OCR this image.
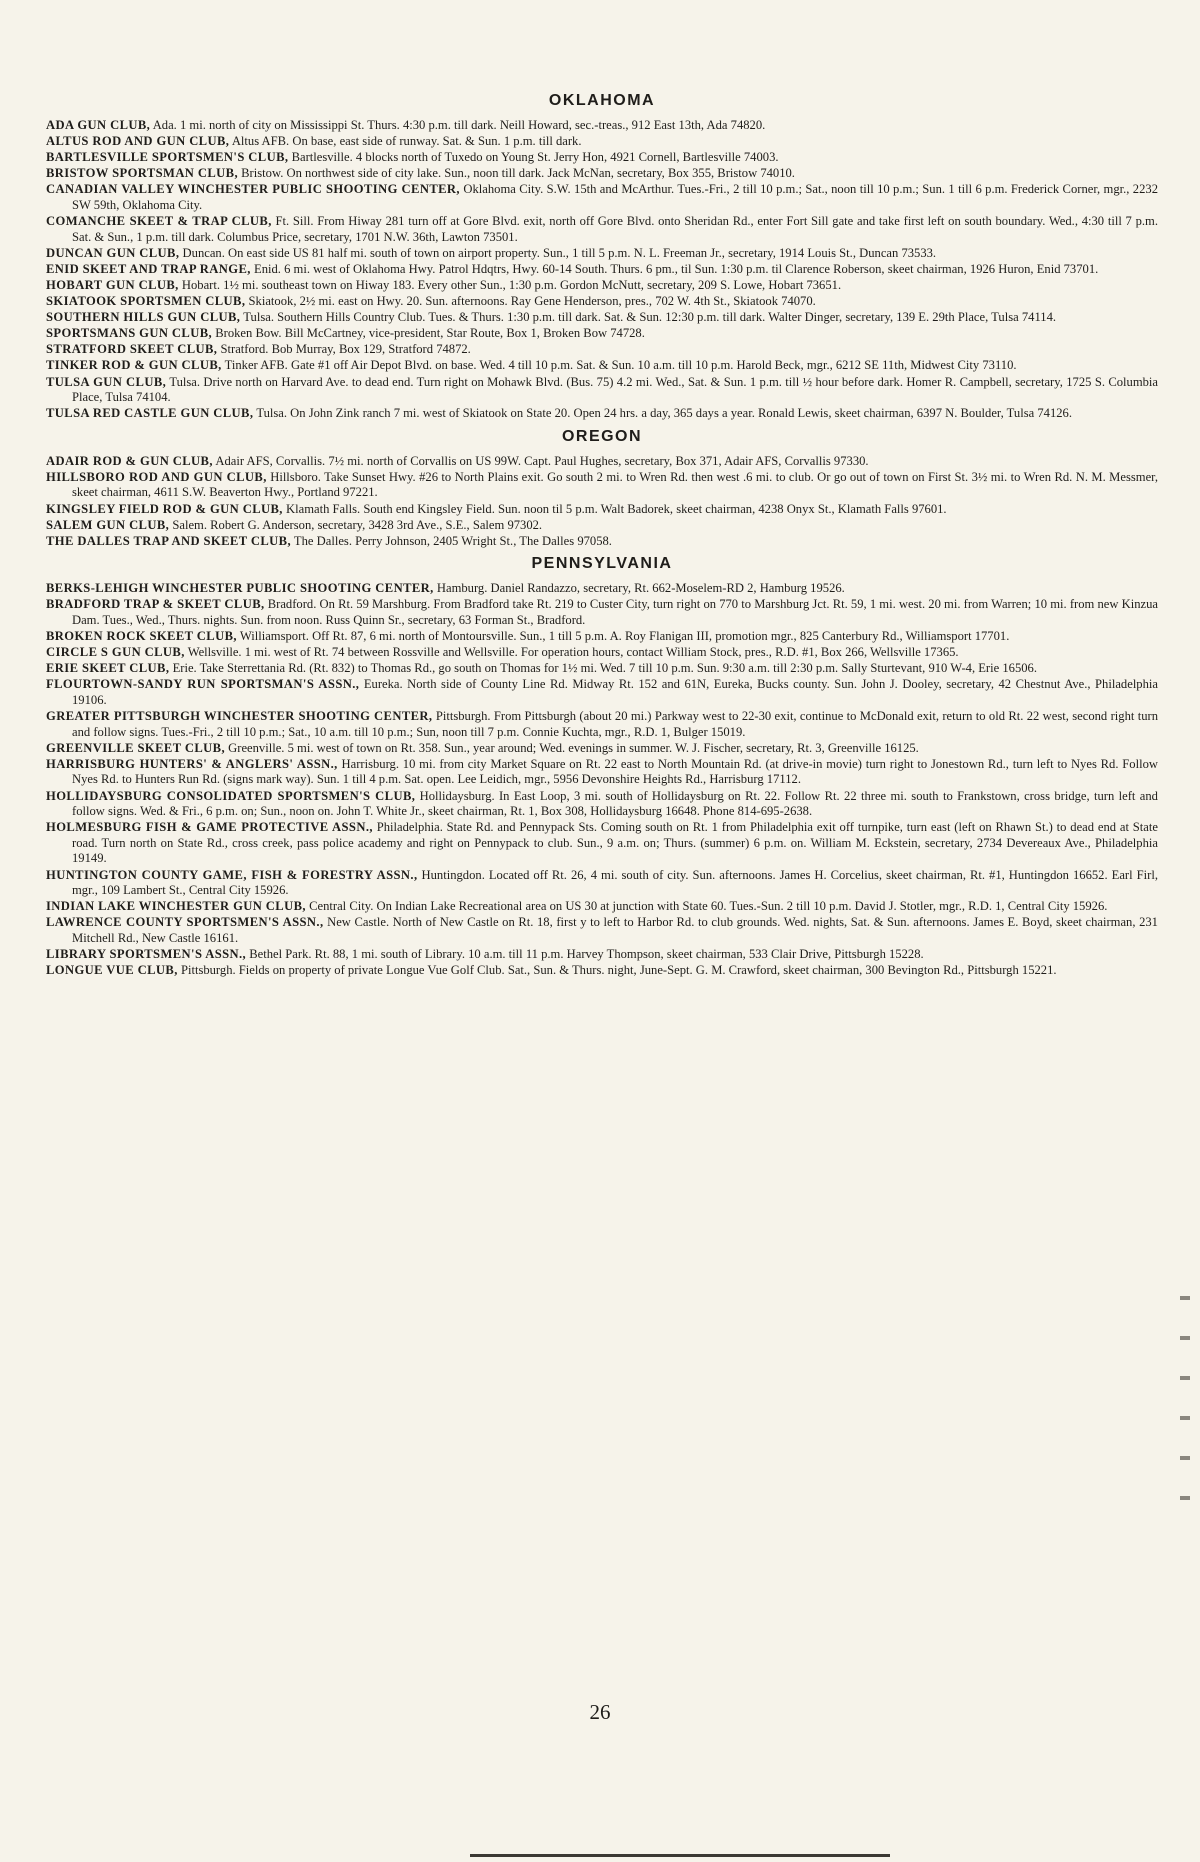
OKLAHOMA

ADA GUN CLUB, Ada. 1 mi. north of city on Mississippi St. Thurs. 4:30 p.m. till dark. Neill Howard, sec.-treas., 912 East 13th, Ada 74820.

ALTUS ROD AND GUN CLUB, Altus AFB. On base, east side of runway. Sat. & Sun. 1 p.m. till dark.

BARTLESVILLE SPORTSMEN'S CLUB, Bartlesville. 4 blocks north of Tuxedo on Young St. Jerry Hon, 4921 Cornell, Bartlesville 74003.

BRISTOW SPORTSMAN CLUB, Bristow. On northwest side of city lake. Sun., noon till dark. Jack McNan, secretary, Box 355, Bristow 74010.

CANADIAN VALLEY WINCHESTER PUBLIC SHOOTING CENTER, Oklahoma City. S.W. 15th and McArthur. Tues.-Fri., 2 till 10 p.m.; Sat., noon till 10 p.m.; Sun. 1 till 6 p.m. Frederick Corner, mgr., 2232 SW 59th, Oklahoma City.

COMANCHE SKEET & TRAP CLUB, Ft. Sill. From Hiway 281 turn off at Gore Blvd. exit, north off Gore Blvd. onto Sheridan Rd., enter Fort Sill gate and take first left on south boundary. Wed., 4:30 till 7 p.m. Sat. & Sun., 1 p.m. till dark. Columbus Price, secretary, 1701 N.W. 36th, Lawton 73501.

DUNCAN GUN CLUB, Duncan. On east side US 81 half mi. south of town on airport property. Sun., 1 till 5 p.m. N. L. Freeman Jr., secretary, 1914 Louis St., Duncan 73533.

ENID SKEET AND TRAP RANGE, Enid. 6 mi. west of Oklahoma Hwy. Patrol Hdqtrs, Hwy. 60-14 South. Thurs. 6 pm., til Sun. 1:30 p.m. til Clarence Roberson, skeet chairman, 1926 Huron, Enid 73701.

HOBART GUN CLUB, Hobart. 1½ mi. southeast town on Hiway 183. Every other Sun., 1:30 p.m. Gordon McNutt, secretary, 209 S. Lowe, Hobart 73651.

SKIATOOK SPORTSMEN CLUB, Skiatook, 2½ mi. east on Hwy. 20. Sun. afternoons. Ray Gene Henderson, pres., 702 W. 4th St., Skiatook 74070.

SOUTHERN HILLS GUN CLUB, Tulsa. Southern Hills Country Club. Tues. & Thurs. 1:30 p.m. till dark. Sat. & Sun. 12:30 p.m. till dark. Walter Dinger, secretary, 139 E. 29th Place, Tulsa 74114.

SPORTSMANS GUN CLUB, Broken Bow. Bill McCartney, vice-president, Star Route, Box 1, Broken Bow 74728.

STRATFORD SKEET CLUB, Stratford. Bob Murray, Box 129, Stratford 74872.

TINKER ROD & GUN CLUB, Tinker AFB. Gate #1 off Air Depot Blvd. on base. Wed. 4 till 10 p.m. Sat. & Sun. 10 a.m. till 10 p.m. Harold Beck, mgr., 6212 SE 11th, Midwest City 73110.

TULSA GUN CLUB, Tulsa. Drive north on Harvard Ave. to dead end. Turn right on Mohawk Blvd. (Bus. 75) 4.2 mi. Wed., Sat. & Sun. 1 p.m. till ½ hour before dark. Homer R. Campbell, secretary, 1725 S. Columbia Place, Tulsa 74104.

TULSA RED CASTLE GUN CLUB, Tulsa. On John Zink ranch 7 mi. west of Skiatook on State 20. Open 24 hrs. a day, 365 days a year. Ronald Lewis, skeet chairman, 6397 N. Boulder, Tulsa 74126.

OREGON

ADAIR ROD & GUN CLUB, Adair AFS, Corvallis. 7½ mi. north of Corvallis on US 99W. Capt. Paul Hughes, secretary, Box 371, Adair AFS, Corvallis 97330.

HILLSBORO ROD AND GUN CLUB, Hillsboro. Take Sunset Hwy. #26 to North Plains exit. Go south 2 mi. to Wren Rd. then west .6 mi. to club. Or go out of town on First St. 3½ mi. to Wren Rd. N. M. Messmer, skeet chairman, 4611 S.W. Beaverton Hwy., Portland 97221.

KINGSLEY FIELD ROD & GUN CLUB, Klamath Falls. South end Kingsley Field. Sun. noon til 5 p.m. Walt Badorek, skeet chairman, 4238 Onyx St., Klamath Falls 97601.

SALEM GUN CLUB, Salem. Robert G. Anderson, secretary, 3428 3rd Ave., S.E., Salem 97302.

THE DALLES TRAP AND SKEET CLUB, The Dalles. Perry Johnson, 2405 Wright St., The Dalles 97058.

PENNSYLVANIA

BERKS-LEHIGH WINCHESTER PUBLIC SHOOTING CENTER, Hamburg. Daniel Randazzo, secretary, Rt. 662-Moselem-RD 2, Hamburg 19526.

BRADFORD TRAP & SKEET CLUB, Bradford. On Rt. 59 Marshburg. From Bradford take Rt. 219 to Custer City, turn right on 770 to Marshburg Jct. Rt. 59, 1 mi. west. 20 mi. from Warren; 10 mi. from new Kinzua Dam. Tues., Wed., Thurs. nights. Sun. from noon. Russ Quinn Sr., secretary, 63 Forman St., Bradford.

BROKEN ROCK SKEET CLUB, Williamsport. Off Rt. 87, 6 mi. north of Montoursville. Sun., 1 till 5 p.m. A. Roy Flanigan III, promotion mgr., 825 Canterbury Rd., Williamsport 17701.

CIRCLE S GUN CLUB, Wellsville. 1 mi. west of Rt. 74 between Rossville and Wellsville. For operation hours, contact William Stock, pres., R.D. #1, Box 266, Wellsville 17365.

ERIE SKEET CLUB, Erie. Take Sterrettania Rd. (Rt. 832) to Thomas Rd., go south on Thomas for 1½ mi. Wed. 7 till 10 p.m. Sun. 9:30 a.m. till 2:30 p.m. Sally Sturtevant, 910 W-4, Erie 16506.

FLOURTOWN-SANDY RUN SPORTSMAN'S ASSN., Eureka. North side of County Line Rd. Midway Rt. 152 and 61N, Eureka, Bucks county. Sun. John J. Dooley, secretary, 42 Chestnut Ave., Philadelphia 19106.

GREATER PITTSBURGH WINCHESTER SHOOTING CENTER, Pittsburgh. From Pittsburgh (about 20 mi.) Parkway west to 22-30 exit, continue to McDonald exit, return to old Rt. 22 west, second right turn and follow signs. Tues.-Fri., 2 till 10 p.m.; Sat., 10 a.m. till 10 p.m.; Sun, noon till 7 p.m. Connie Kuchta, mgr., R.D. 1, Bulger 15019.

GREENVILLE SKEET CLUB, Greenville. 5 mi. west of town on Rt. 358. Sun., year around; Wed. evenings in summer. W. J. Fischer, secretary, Rt. 3, Greenville 16125.

HARRISBURG HUNTERS' & ANGLERS' ASSN., Harrisburg. 10 mi. from city Market Square on Rt. 22 east to North Mountain Rd. (at drive-in movie) turn right to Jonestown Rd., turn left to Nyes Rd. Follow Nyes Rd. to Hunters Run Rd. (signs mark way). Sun. 1 till 4 p.m. Sat. open. Lee Leidich, mgr., 5956 Devonshire Heights Rd., Harrisburg 17112.

HOLLIDAYSBURG CONSOLIDATED SPORTSMEN'S CLUB, Hollidaysburg. In East Loop, 3 mi. south of Hollidaysburg on Rt. 22. Follow Rt. 22 three mi. south to Frankstown, cross bridge, turn left and follow signs. Wed. & Fri., 6 p.m. on; Sun., noon on. John T. White Jr., skeet chairman, Rt. 1, Box 308, Hollidaysburg 16648. Phone 814-695-2638.

HOLMESBURG FISH & GAME PROTECTIVE ASSN., Philadelphia. State Rd. and Pennypack Sts. Coming south on Rt. 1 from Philadelphia exit off turnpike, turn east (left on Rhawn St.) to dead end at State road. Turn north on State Rd., cross creek, pass police academy and right on Pennypack to club. Sun., 9 a.m. on; Thurs. (summer) 6 p.m. on. William M. Eckstein, secretary, 2734 Devereaux Ave., Philadelphia 19149.

HUNTINGTON COUNTY GAME, FISH & FORESTRY ASSN., Huntingdon. Located off Rt. 26, 4 mi. south of city. Sun. afternoons. James H. Corcelius, skeet chairman, Rt. #1, Huntingdon 16652. Earl Firl, mgr., 109 Lambert St., Central City 15926.

INDIAN LAKE WINCHESTER GUN CLUB, Central City. On Indian Lake Recreational area on US 30 at junction with State 60. Tues.-Sun. 2 till 10 p.m. David J. Stotler, mgr., R.D. 1, Central City 15926.

LAWRENCE COUNTY SPORTSMEN'S ASSN., New Castle. North of New Castle on Rt. 18, first y to left to Harbor Rd. to club grounds. Wed. nights, Sat. & Sun. afternoons. James E. Boyd, skeet chairman, 231 Mitchell Rd., New Castle 16161.

LIBRARY SPORTSMEN'S ASSN., Bethel Park. Rt. 88, 1 mi. south of Library. 10 a.m. till 11 p.m. Harvey Thompson, skeet chairman, 533 Clair Drive, Pittsburgh 15228.

LONGUE VUE CLUB, Pittsburgh. Fields on property of private Longue Vue Golf Club. Sat., Sun. & Thurs. night, June-Sept. G. M. Crawford, skeet chairman, 300 Bevington Rd., Pittsburgh 15221.

26
